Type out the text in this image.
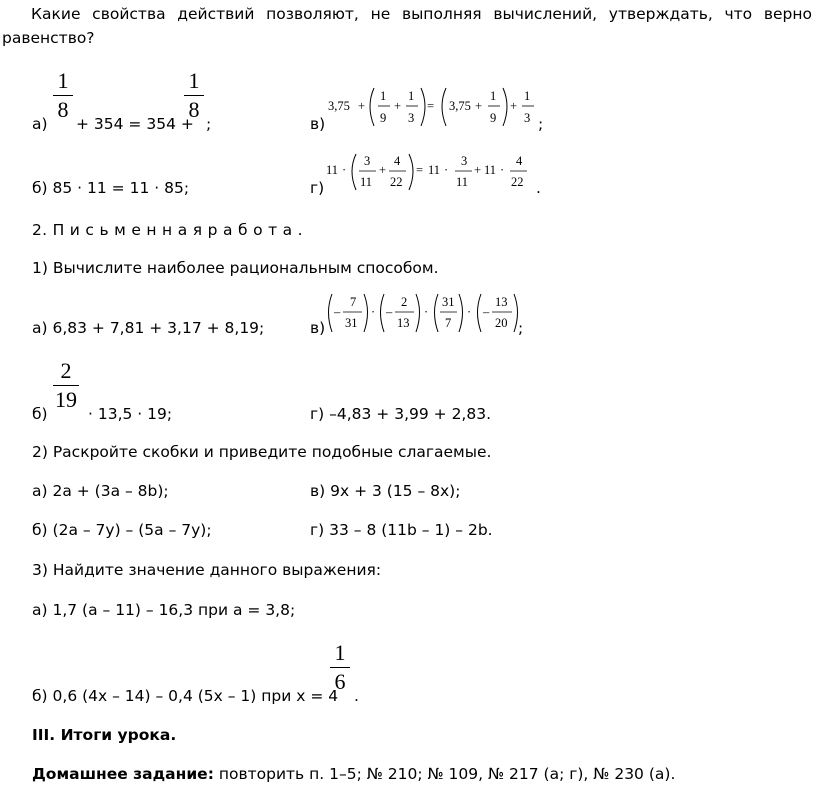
Какие свойства действий позволяют, не выполняя вычислений, утверждать, что верно
равенство?
а)
1
8
+ 354 = 354 +
1
8
;	в)
3,75 +
1
9
+
1
3
= 3,75 +
1
9
+
1
3 ;
б) 85 · 11 = 11 · 85;	г)
11 ·
3
11
+
4
22
= 11 ·
3
11
+ 11 ·
4
22 .
2. П и с ь м е н н а я р а б о т а .
1) Вычислите наиболее рациональным способом.
а) 6,83 + 7,81 + 3,17 + 8,19;	в)
–
7
31
· –
2
13
·
31
7
· –
13
20 ;
б)
2
19
· 13,5 · 19;	г) –4,83 + 3,99 + 2,83.
2) Раскройте скобки и приведите подобные слагаемые.
а) 2a + (3a – 8b);	в) 9x + 3 (15 – 8x);
б) (2a – 7y) – (5a – 7y);	г) 33 – 8 (11b – 1) – 2b.
3) Найдите значение данного выражения:
а) 1,7 (a – 11) – 16,3 при a = 3,8;
б) 0,6 (4x – 14) – 0,4 (5x – 1) при x = 4
1
6
.
III. Итоги урока.
Домашнее задание: повторить п. 1–5; № 210; № 109, № 217 (а; г), № 230 (а).
